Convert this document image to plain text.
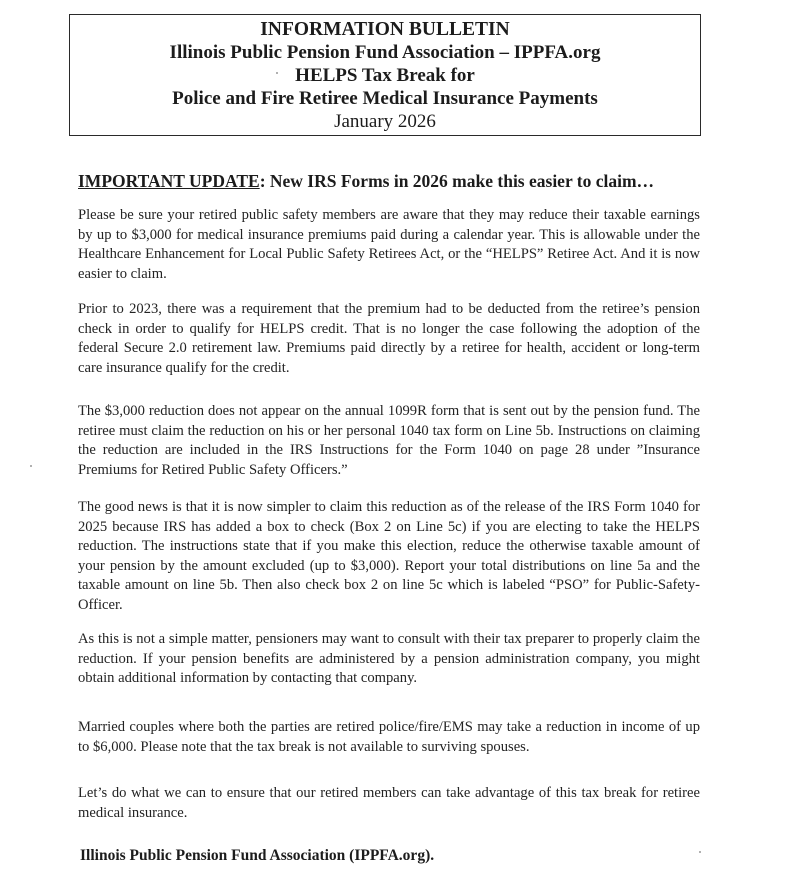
INFORMATION BULLETIN
Illinois Public Pension Fund Association – IPPFA.org
HELPS Tax Break for
Police and Fire Retiree Medical Insurance Payments
January 2026
IMPORTANT UPDATE: New IRS Forms in 2026 make this easier to claim…

Please be sure your retired public safety members are aware that they may reduce their taxable earnings by up to $3,000 for medical insurance premiums paid during a calendar year. This is allowable under the Healthcare Enhancement for Local Public Safety Retirees Act, or the “HELPS” Retiree Act. And it is now easier to claim.

Prior to 2023, there was a requirement that the premium had to be deducted from the retiree’s pension check in order to qualify for HELPS credit. That is no longer the case following the adoption of the federal Secure 2.0 retirement law. Premiums paid directly by a retiree for health, accident or long-term care insurance qualify for the credit.

The $3,000 reduction does not appear on the annual 1099R form that is sent out by the pension fund. The retiree must claim the reduction on his or her personal 1040 tax form on Line 5b. Instructions on claiming the reduction are included in the IRS Instructions for the Form 1040 on page 28 under ”Insurance Premiums for Retired Public Safety Officers.”

The good news is that it is now simpler to claim this reduction as of the release of the IRS Form 1040 for 2025 because IRS has added a box to check (Box 2 on Line 5c) if you are electing to take the HELPS reduction. The instructions state that if you make this election, reduce the otherwise taxable amount of your pension by the amount excluded (up to $3,000). Report your total distributions on line 5a and the taxable amount on line 5b. Then also check box 2 on line 5c which is labeled “PSO” for Public-Safety-Officer.

As this is not a simple matter, pensioners may want to consult with their tax preparer to properly claim the reduction. If your pension benefits are administered by a pension administration company, you might obtain additional information by contacting that company.

Married couples where both the parties are retired police/fire/EMS may take a reduction in income of up to $6,000. Please note that the tax break is not available to surviving spouses.

Let’s do what we can to ensure that our retired members can take advantage of this tax break for retiree medical insurance.

Illinois Public Pension Fund Association (IPPFA.org).
